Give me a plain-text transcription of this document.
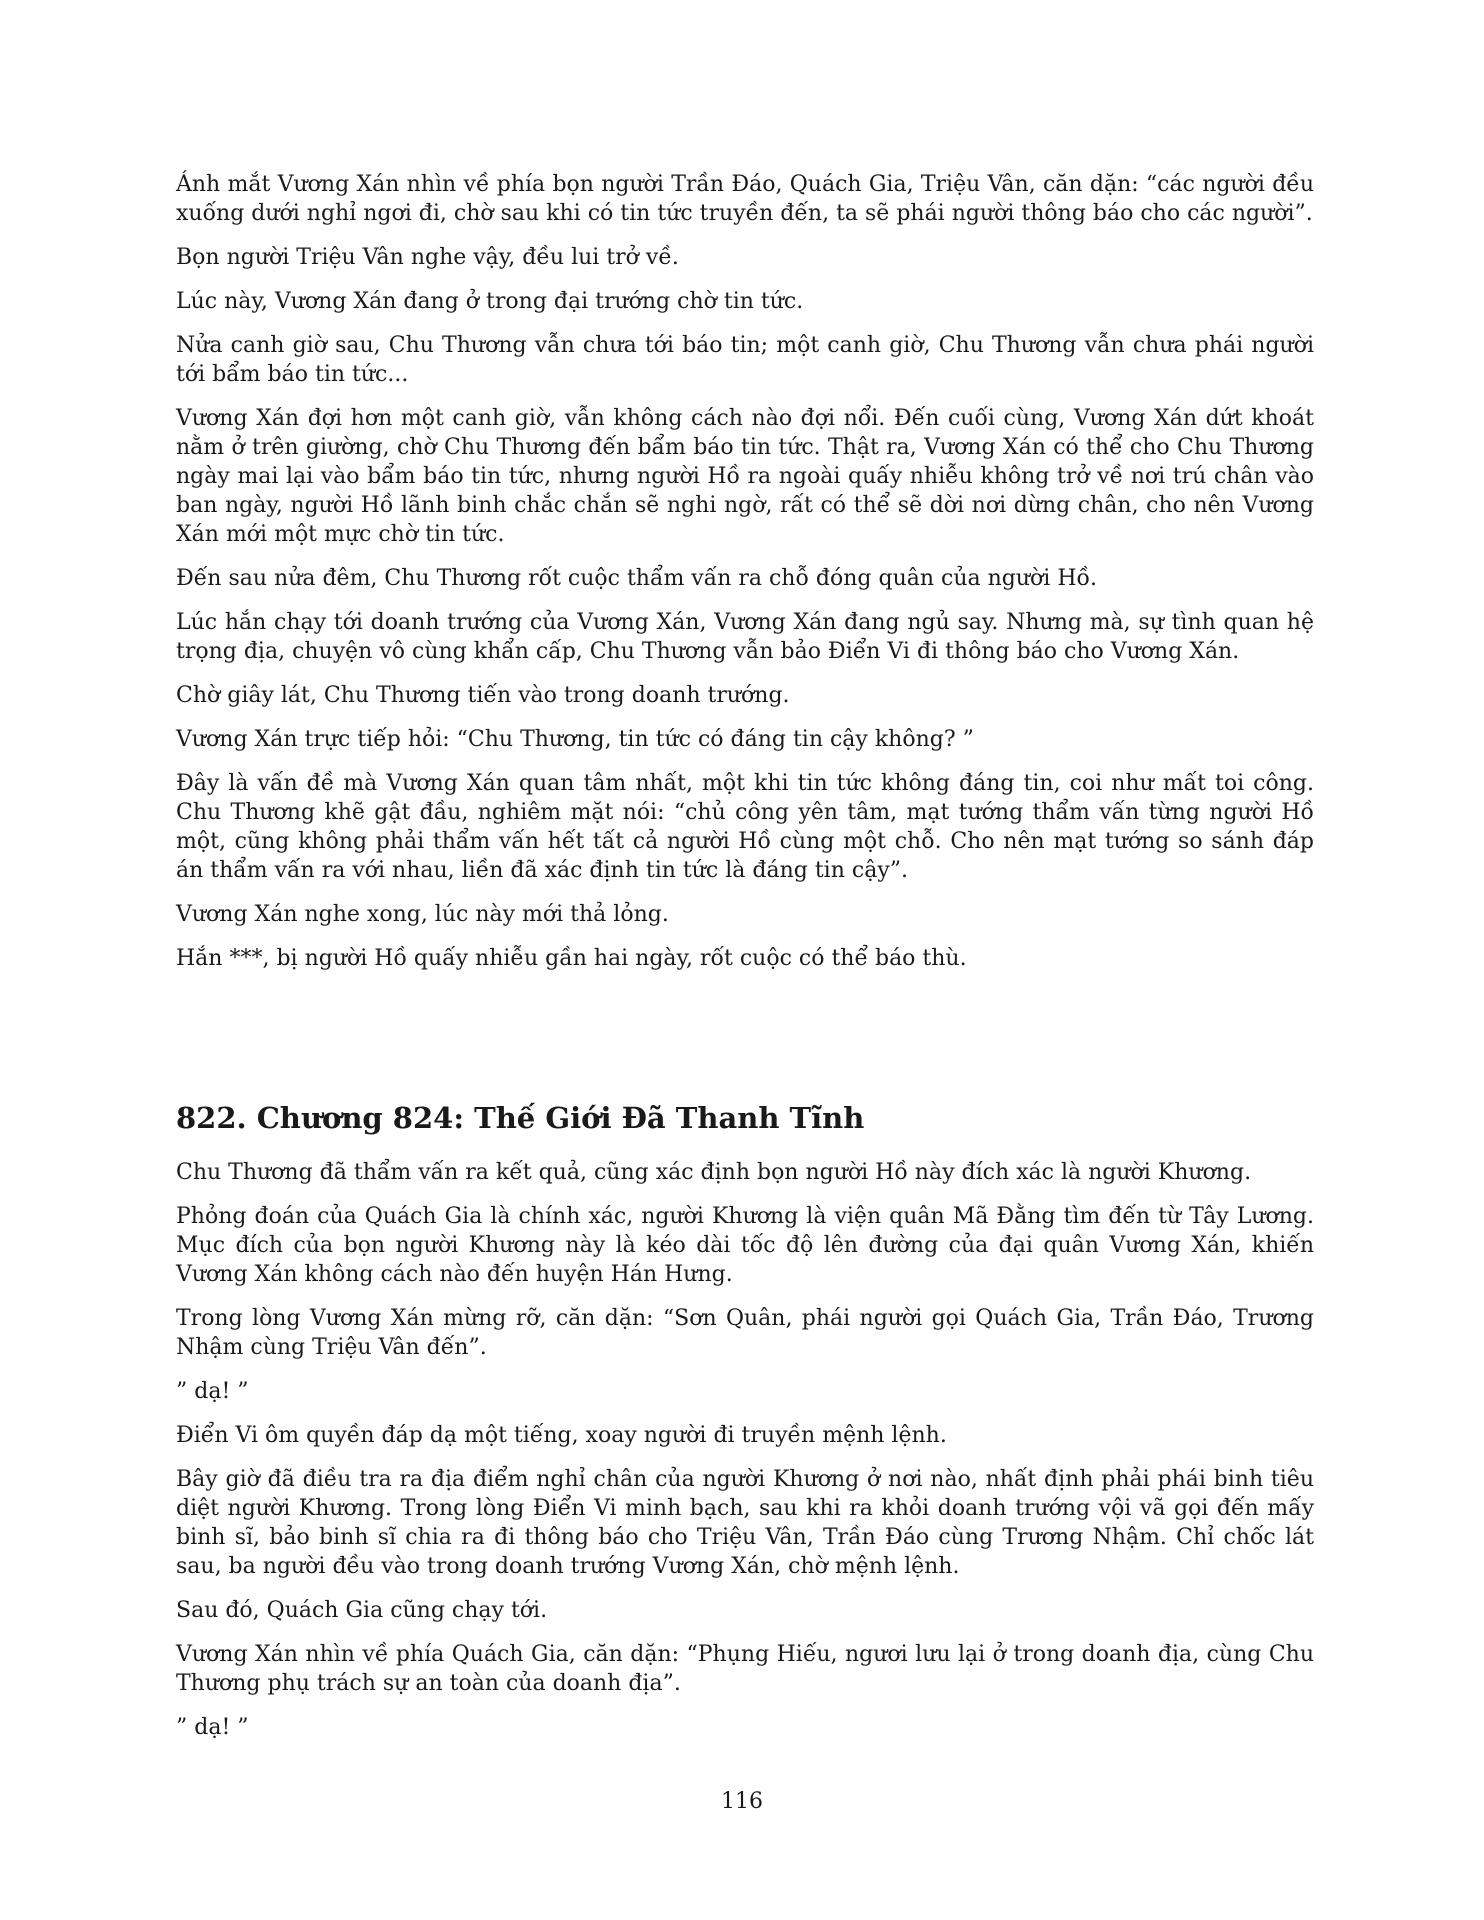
Ánh mắt Vương Xán nhìn về phía bọn người Trần Đáo, Quách Gia, Triệu Vân, căn dặn: “các người đều xuống dưới nghỉ ngơi đi, chờ sau khi có tin tức truyền đến, ta sẽ phái người thông báo cho các người”.

Bọn người Triệu Vân nghe vậy, đều lui trở về.

Lúc này, Vương Xán đang ở trong đại trướng chờ tin tức.

Nửa canh giờ sau, Chu Thương vẫn chưa tới báo tin; một canh giờ, Chu Thương vẫn chưa phái người tới bẩm báo tin tức...

Vương Xán đợi hơn một canh giờ, vẫn không cách nào đợi nổi. Đến cuối cùng, Vương Xán dứt khoát nằm ở trên giường, chờ Chu Thương đến bẩm báo tin tức. Thật ra, Vương Xán có thể cho Chu Thương ngày mai lại vào bẩm báo tin tức, nhưng người Hồ ra ngoài quấy nhiễu không trở về nơi trú chân vào ban ngày, người Hồ lãnh binh chắc chắn sẽ nghi ngờ, rất có thể sẽ dời nơi dừng chân, cho nên Vương Xán mới một mực chờ tin tức.

Đến sau nửa đêm, Chu Thương rốt cuộc thẩm vấn ra chỗ đóng quân của người Hồ.

Lúc hắn chạy tới doanh trướng của Vương Xán, Vương Xán đang ngủ say. Nhưng mà, sự tình quan hệ trọng địa, chuyện vô cùng khẩn cấp, Chu Thương vẫn bảo Điển Vi đi thông báo cho Vương Xán.

Chờ giây lát, Chu Thương tiến vào trong doanh trướng.

Vương Xán trực tiếp hỏi: “Chu Thương, tin tức có đáng tin cậy không? ”

Đây là vấn đề mà Vương Xán quan tâm nhất, một khi tin tức không đáng tin, coi như mất toi công. Chu Thương khẽ gật đầu, nghiêm mặt nói: “chủ công yên tâm, mạt tướng thẩm vấn từng người Hồ một, cũng không phải thẩm vấn hết tất cả người Hồ cùng một chỗ. Cho nên mạt tướng so sánh đáp án thẩm vấn ra với nhau, liền đã xác định tin tức là đáng tin cậy”.

Vương Xán nghe xong, lúc này mới thả lỏng.

Hắn ***, bị người Hồ quấy nhiễu gần hai ngày, rốt cuộc có thể báo thù.

822. Chương 824: Thế Giới Đã Thanh Tĩnh

Chu Thương đã thẩm vấn ra kết quả, cũng xác định bọn người Hồ này đích xác là người Khương.

Phỏng đoán của Quách Gia là chính xác, người Khương là viện quân Mã Đằng tìm đến từ Tây Lương. Mục đích của bọn người Khương này là kéo dài tốc độ lên đường của đại quân Vương Xán, khiến Vương Xán không cách nào đến huyện Hán Hưng.

Trong lòng Vương Xán mừng rỡ, căn dặn: “Sơn Quân, phái người gọi Quách Gia, Trần Đáo, Trương Nhậm cùng Triệu Vân đến”.

” dạ! ”

Điển Vi ôm quyền đáp dạ một tiếng, xoay người đi truyền mệnh lệnh.

Bây giờ đã điều tra ra địa điểm nghỉ chân của người Khương ở nơi nào, nhất định phải phái binh tiêu diệt người Khương. Trong lòng Điển Vi minh bạch, sau khi ra khỏi doanh trướng vội vã gọi đến mấy binh sĩ, bảo binh sĩ chia ra đi thông báo cho Triệu Vân, Trần Đáo cùng Trương Nhậm. Chỉ chốc lát sau, ba người đều vào trong doanh trướng Vương Xán, chờ mệnh lệnh.

Sau đó, Quách Gia cũng chạy tới.

Vương Xán nhìn về phía Quách Gia, căn dặn: “Phụng Hiếu, ngươi lưu lại ở trong doanh địa, cùng Chu Thương phụ trách sự an toàn của doanh địa”.

” dạ! ”

116
